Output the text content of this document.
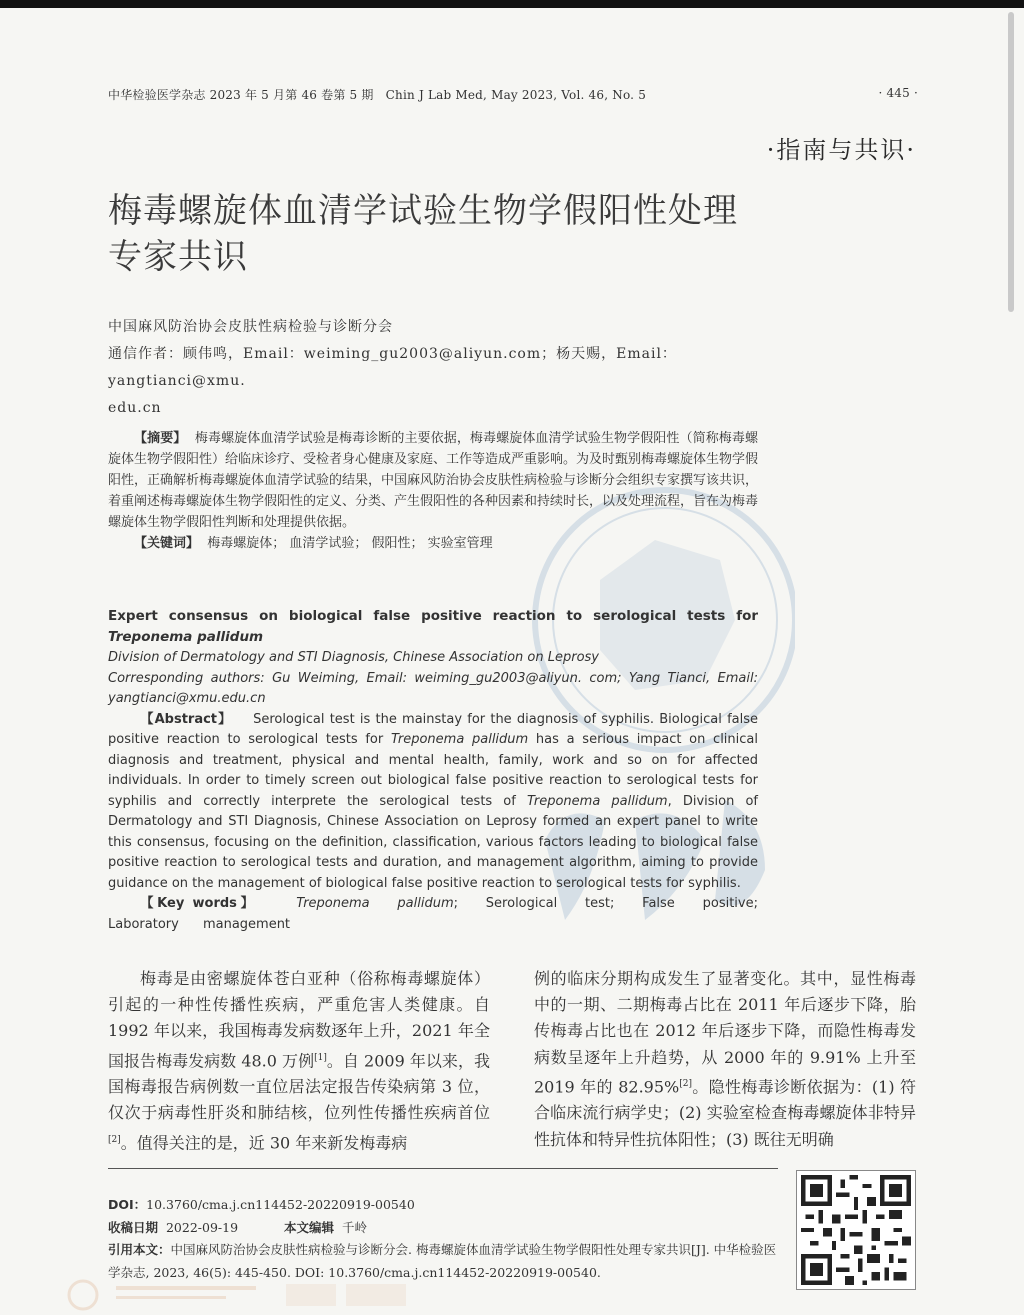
中华检验医学杂志 2023 年 5 月第 46 卷第 5 期 Chin J Lab Med, May 2023, Vol. 46, No. 5	· 445 ·
·指南与共识·
梅毒螺旋体血清学试验生物学假阳性处理
专家共识
中国麻风防治协会皮肤性病检验与诊断分会
通信作者：顾伟鸣，Email：weiming_gu2003@aliyun.com；杨天赐，Email：yangtianci@xmu.
edu.cn

【摘要】 梅毒螺旋体血清学试验是梅毒诊断的主要依据，梅毒螺旋体血清学试验生物学假阳性（简称梅毒螺旋体生物学假阳性）给临床诊疗、受检者身心健康及家庭、工作等造成严重影响。为及时甄别梅毒螺旋体生物学假阳性，正确解析梅毒螺旋体血清学试验的结果，中国麻风防治协会皮肤性病检验与诊断分会组织专家撰写该共识，着重阐述梅毒螺旋体生物学假阳性的定义、分类、产生假阳性的各种因素和持续时长，以及处理流程，旨在为梅毒螺旋体生物学假阳性判断和处理提供依据。

【关键词】 梅毒螺旋体； 血清学试验； 假阳性； 实验室管理
Expert consensus on biological false positive reaction to serological tests for Treponema pallidum
Division of Dermatology and STI Diagnosis, Chinese Association on Leprosy
Corresponding authors: Gu Weiming, Email: weiming_gu2003@aliyun. com; Yang Tianci, Email: yangtianci@xmu.edu.cn
【Abstract】 Serological test is the mainstay for the diagnosis of syphilis. Biological false positive reaction to serological tests for Treponema pallidum has a serious impact on clinical diagnosis and treatment, physical and mental health, family, work and so on for affected individuals. In order to timely screen out biological false positive reaction to serological tests for syphilis and correctly interprete the serological tests of Treponema pallidum, Division of Dermatology and STI Diagnosis, Chinese Association on Leprosy formed an expert panel to write this consensus, focusing on the definition, classification, various factors leading to biological false positive reaction to serological tests and duration, and management algorithm, aiming to provide guidance on the management of biological false positive reaction to serological tests for syphilis.
【Key words】	Treponema pallidum; Serological test; False positive; Laboratory management

梅毒是由密螺旋体苍白亚种（俗称梅毒螺旋体）引起的一种性传播性疾病，严重危害人类健康。自 1992 年以来，我国梅毒发病数逐年上升，2021 年全国报告梅毒发病数 48.0 万例[1]。自 2009 年以来，我国梅毒报告病例数一直位居法定报告传染病第 3 位，仅次于病毒性肝炎和肺结核，位列性传播性疾病首位[2]。值得关注的是，近 30 年来新发梅毒病

例的临床分期构成发生了显著变化。其中，显性梅毒中的一期、二期梅毒占比在 2011 年后逐步下降，胎传梅毒占比也在 2012 年后逐步下降，而隐性梅毒发病数呈逐年上升趋势，从 2000 年的 9.91% 上升至 2019 年的 82.95%[2]。隐性梅毒诊断依据为：(1) 符合临床流行病学史；(2) 实验室检查梅毒螺旋体非特异性抗体和特异性抗体阳性；(3) 既往无明确

DOI：10.3760/cma.j.cn114452-20220919-00540
收稿日期 2022-09-19	本文编辑 千岭
引用本文：中国麻风防治协会皮肤性病检验与诊断分会. 梅毒螺旋体血清学试验生物学假阳性处理专家共识[J]. 中华检验医学杂志, 2023, 46(5): 445-450. DOI: 10.3760/cma.j.cn114452-20220919-00540.
